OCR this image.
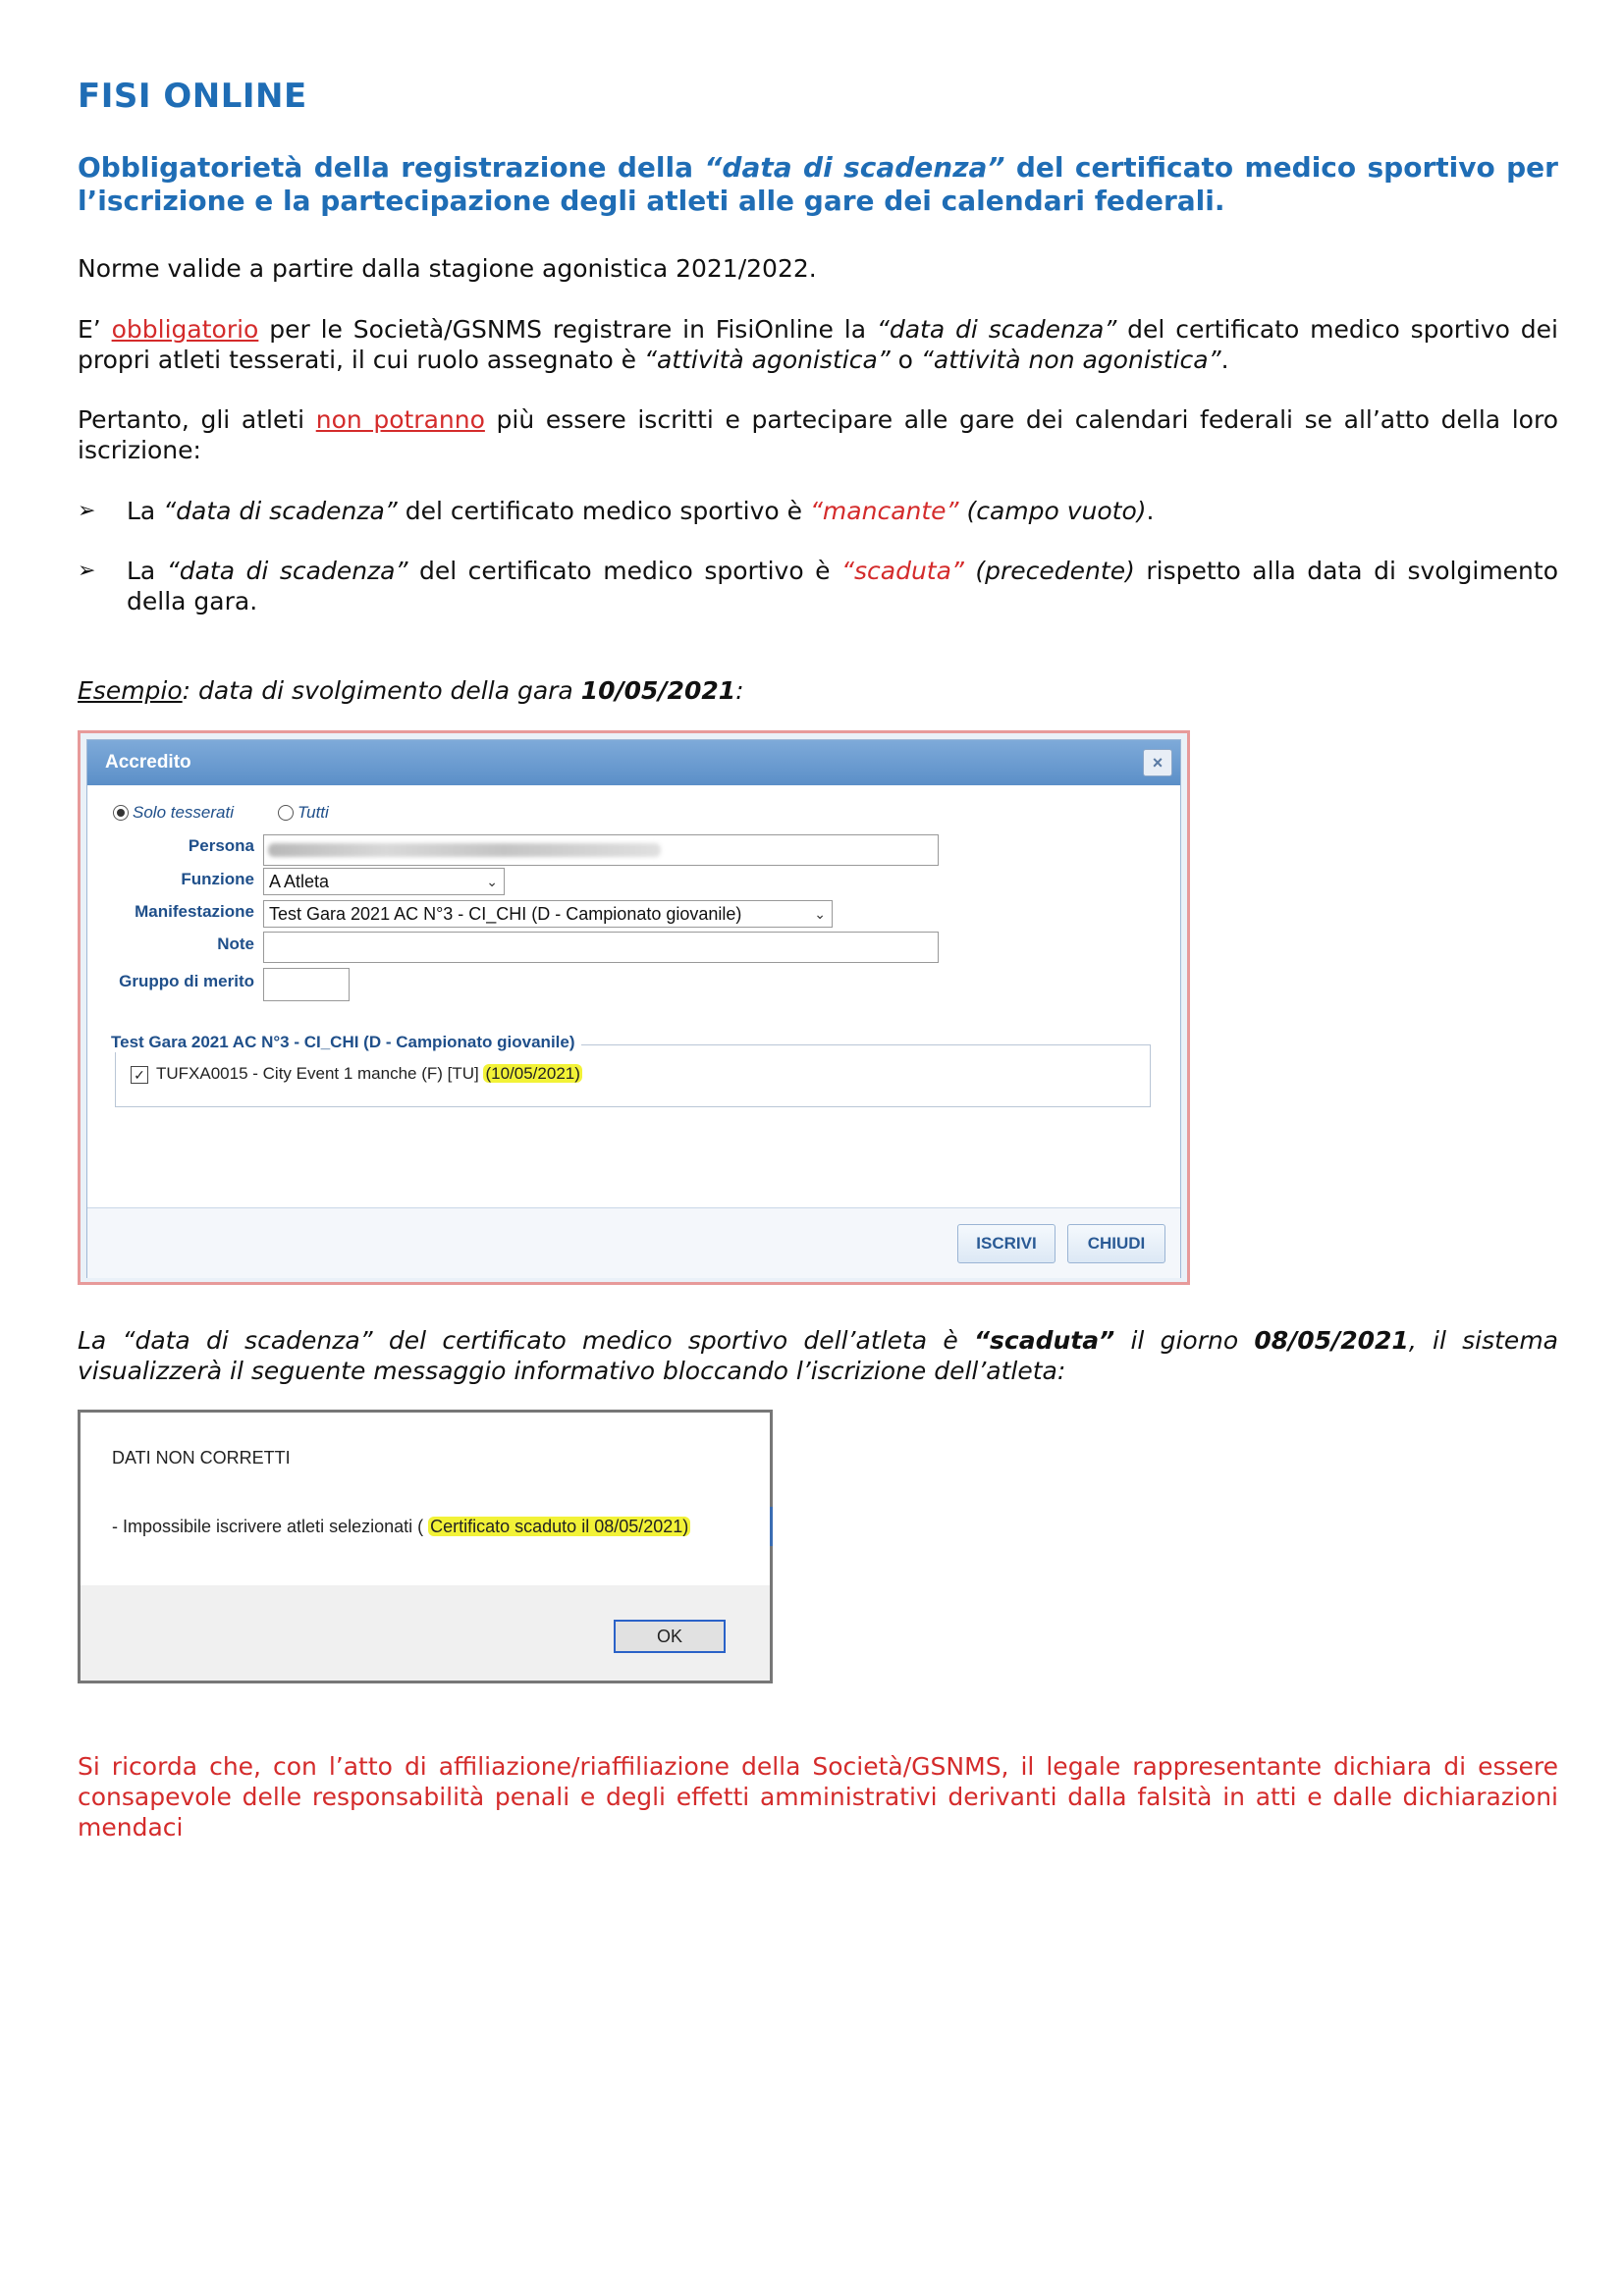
FISI ONLINE
Obbligatorietà della registrazione della “data di scadenza” del certificato medico sportivo per l’iscrizione e la partecipazione degli atleti alle gare dei calendari federali.
Norme valide a partire dalla stagione agonistica 2021/2022.
E’ obbligatorio per le Società/GSNMS registrare in FisiOnline la “data di scadenza” del certificato medico sportivo dei propri atleti tesserati, il cui ruolo assegnato è “attività agonistica” o “attività non agonistica”.
Pertanto, gli atleti non potranno più essere iscritti e partecipare alle gare dei calendari federali se all’atto della loro iscrizione:
➢ La “data di scadenza” del certificato medico sportivo è “mancante” (campo vuoto).
➢ La “data di scadenza” del certificato medico sportivo è “scaduta” (precedente) rispetto alla data di svolgimento della gara.
Esempio: data di svolgimento della gara 10/05/2021:
La “data di scadenza” del certificato medico sportivo dell’atleta è “scaduta” il giorno 08/05/2021, il sistema visualizzerà il seguente messaggio informativo bloccando l’iscrizione dell’atleta:
Si ricorda che, con l’atto di affiliazione/riaffiliazione della Società/GSNMS, il legale rappresentante dichiara di essere consapevole delle responsabilità penali e degli effetti amministrativi derivanti dalla falsità in atti e dalle dichiarazioni mendaci
Accredito	×
Solo tesserati	Tutti
Persona
Funzione A Atleta	⌄
Manifestazione Test Gara 2021 AC N°3 - CI_CHI (D - Campionato giovanile)	⌄
Note
Gruppo di merito
Test Gara 2021 AC N°3 - CI_CHI (D - Campionato giovanile)
✓ TUFXA0015 - City Event 1 manche (F) [TU] (10/05/2021)
ISCRIVI	CHIUDI
DATI NON CORRETTI
- Impossibile iscrivere atleti selezionati ( Certificato scaduto il 08/05/2021)
OK
